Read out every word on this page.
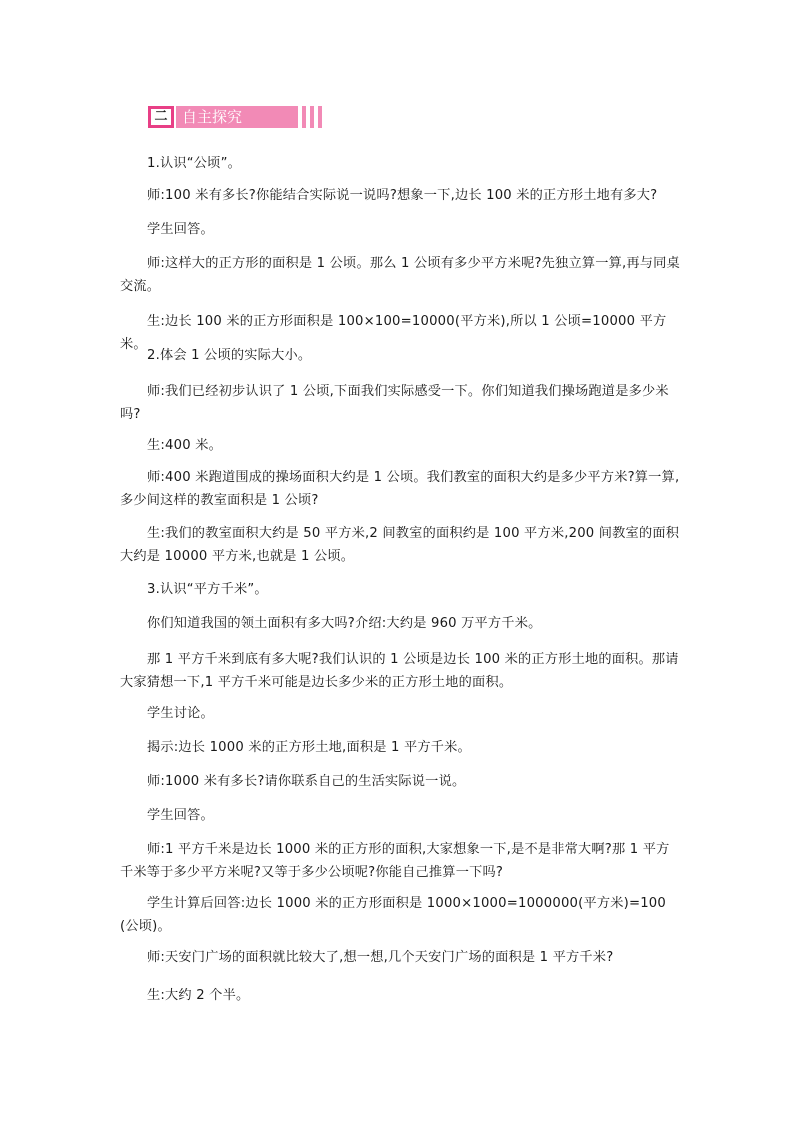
二 自主探究

1.认识“公顷”。

师:100 米有多长?你能结合实际说一说吗?想象一下,边长 100 米的正方形土地有多大?

学生回答。

师:这样大的正方形的面积是 1 公顷。那么 1 公顷有多少平方米呢?先独立算一算,再与同桌交流。

生:边长 100 米的正方形面积是 100×100=10000(平方米),所以 1 公顷=10000 平方米。

2.体会 1 公顷的实际大小。

师:我们已经初步认识了 1 公顷,下面我们实际感受一下。你们知道我们操场跑道是多少米吗?

生:400 米。

师:400 米跑道围成的操场面积大约是 1 公顷。我们教室的面积大约是多少平方米?算一算,多少间这样的教室面积是 1 公顷?

生:我们的教室面积大约是 50 平方米,2 间教室的面积约是 100 平方米,200 间教室的面积大约是 10000 平方米,也就是 1 公顷。

3.认识“平方千米”。

你们知道我国的领土面积有多大吗?介绍:大约是 960 万平方千米。

那 1 平方千米到底有多大呢?我们认识的 1 公顷是边长 100 米的正方形土地的面积。那请大家猜想一下,1 平方千米可能是边长多少米的正方形土地的面积。

学生讨论。

揭示:边长 1000 米的正方形土地,面积是 1 平方千米。

师:1000 米有多长?请你联系自己的生活实际说一说。

学生回答。

师:1 平方千米是边长 1000 米的正方形的面积,大家想象一下,是不是非常大啊?那 1 平方千米等于多少平方米呢?又等于多少公顷呢?你能自己推算一下吗?

学生计算后回答:边长 1000 米的正方形面积是 1000×1000=1000000(平方米)=100(公顷)。

师:天安门广场的面积就比较大了,想一想,几个天安门广场的面积是 1 平方千米?

生:大约 2 个半。
